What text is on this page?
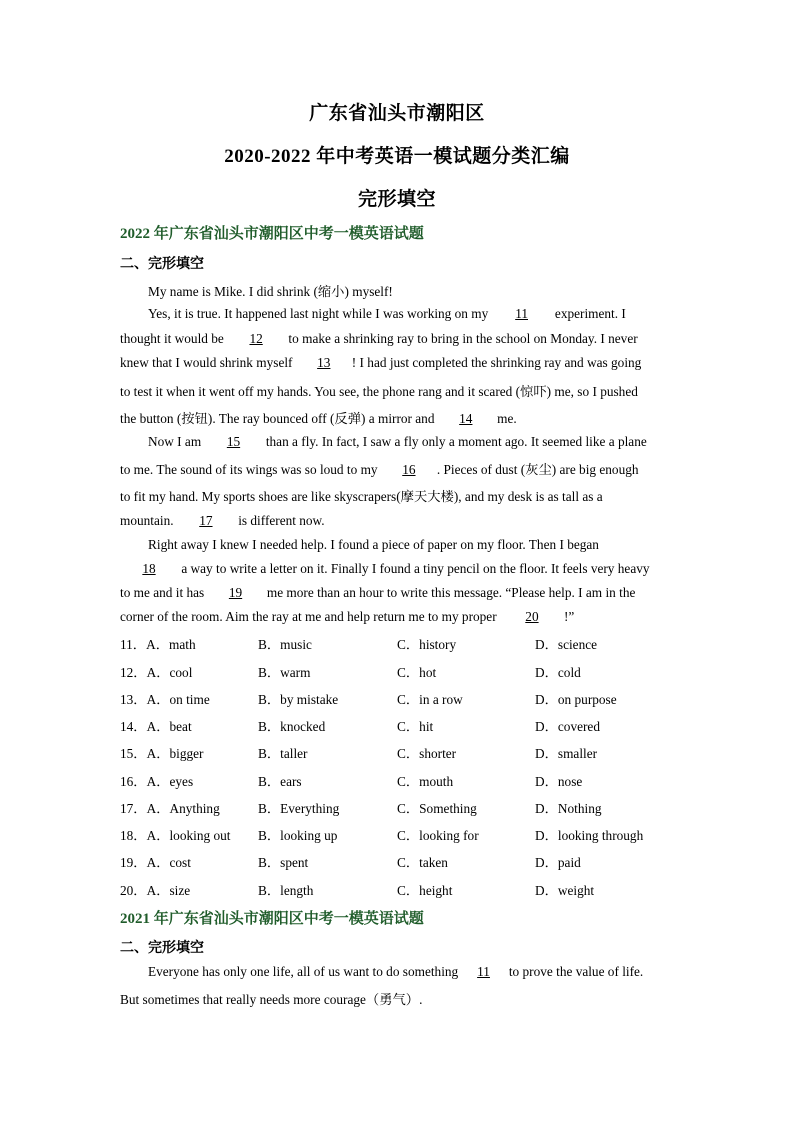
广东省汕头市潮阳区
2020-2022 年中考英语一模试题分类汇编
完形填空
2022 年广东省汕头市潮阳区中考一模英语试题
二、完形填空
My name is Mike. I did shrink (缩小) myself!
Yes, it is true. It happened last night while I was working on my 11 experiment. I
thought it would be 12 to make a shrinking ray to bring in the school on Monday. I never
knew that I would shrink myself 13 ! I had just completed the shrinking ray and was going
to test it when it went off my hands. You see, the phone rang and it scared (惊吓) me, so I pushed
the button (按钮). The ray bounced off (反弹) a mirror and 14 me.
Now I am 15 than a fly. In fact, I saw a fly only a moment ago. It seemed like a plane
to me. The sound of its wings was so loud to my 16 . Pieces of dust (灰尘) are big enough
to fit my hand. My sports shoes are like skyscrapers(摩天大楼), and my desk is as tall as a
mountain. 17 is different now.
Right away I knew I needed help. I found a piece of paper on my floor. Then I began
18 a way to write a letter on it. Finally I found a tiny pencil on the floor. It feels very heavy
to me and it has 19 me more than an hour to write this message. “Please help. I am in the
corner of the room. Aim the ray at me and help return me to my proper 20 !”
11．A．math	B．music	C．history	D．science
12．A．cool	B．warm	C．hot	D．cold
13．A．on time	B．by mistake	C．in a row	D．on purpose
14．A．beat	B．knocked	C．hit	D．covered
15．A．bigger	B．taller	C．shorter	D．smaller
16．A．eyes	B．ears	C．mouth	D．nose
17．A．Anything	B．Everything	C．Something	D．Nothing
18．A．looking out B．looking up	C．looking for	D．looking through
19．A．cost	B．spent	C．taken	D．paid
20．A．size	B．length	C．height	D．weight
2021 年广东省汕头市潮阳区中考一模英语试题
二、完形填空
Everyone has only one life, all of us want to do something 11 to prove the value of life.
But sometimes that really needs more courage（勇气）.
